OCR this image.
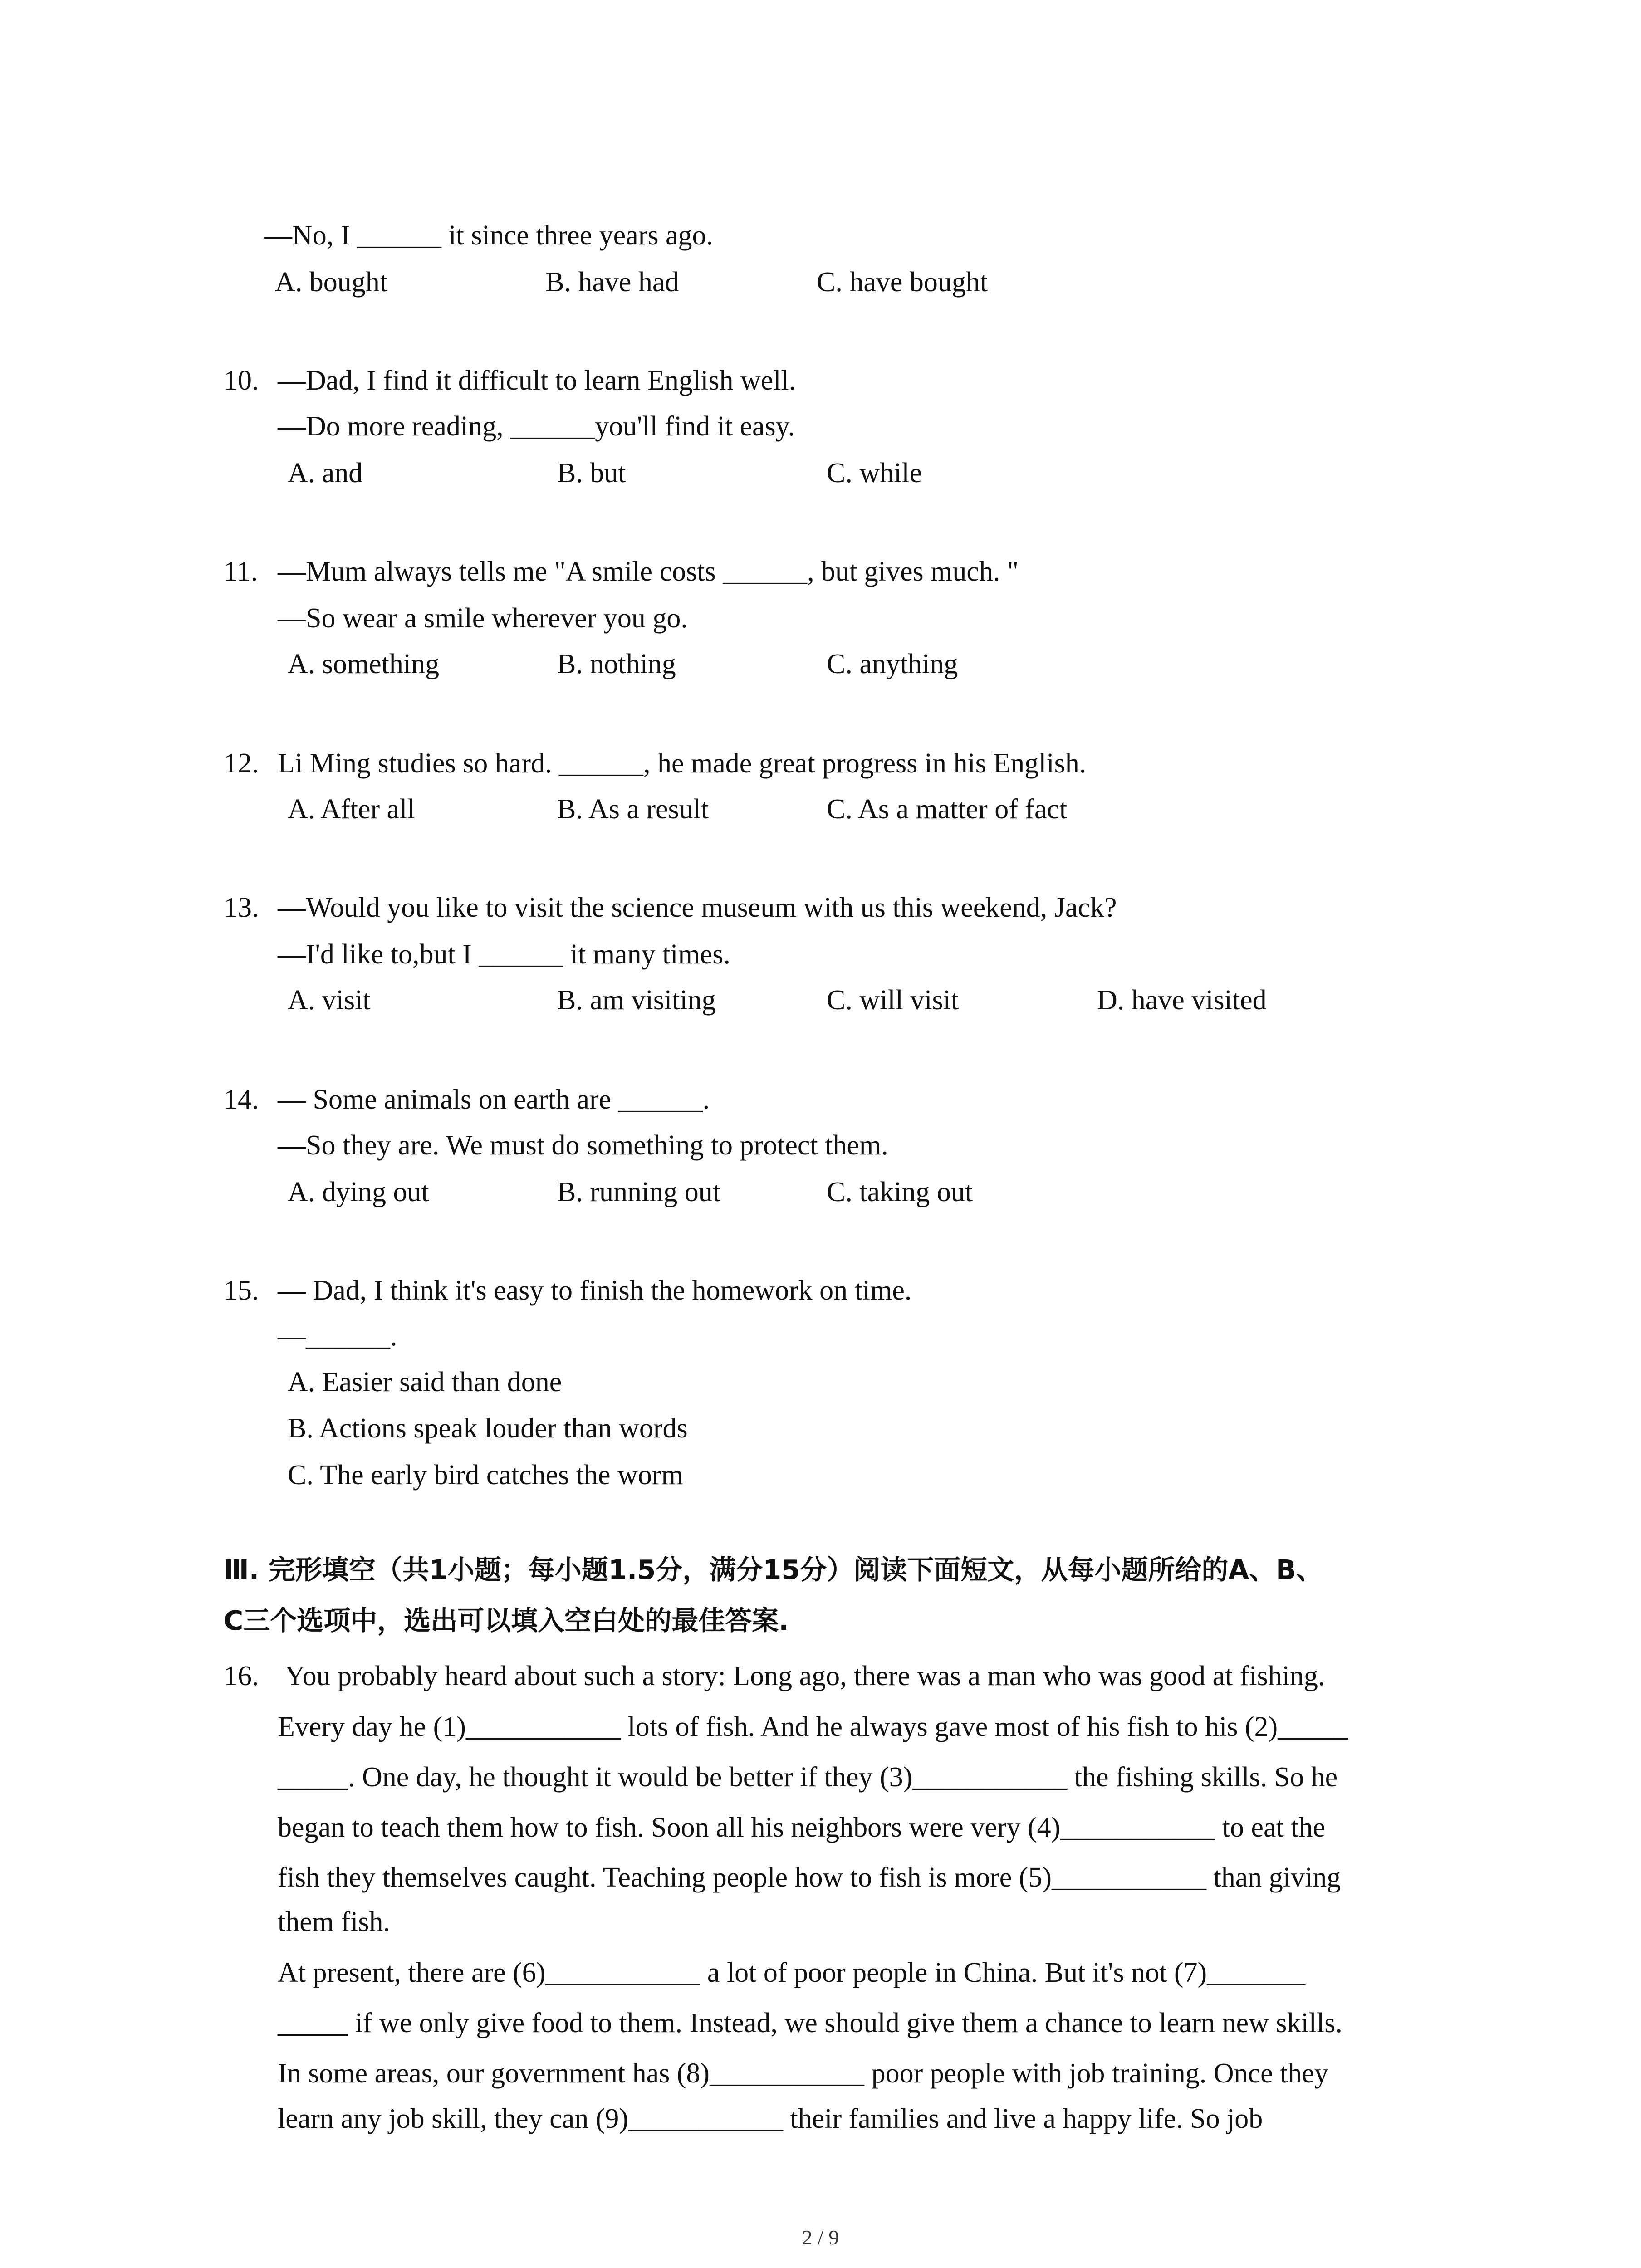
—No, I ______ it since three years ago.
A. bought	B. have had	C. have bought
10. —Dad, I find it difficult to learn English well.
—Do more reading, ______you'll find it easy.
A. and	B. but	C. while
11. —Mum always tells me "A smile costs ______, but gives much. "
—So wear a smile wherever you go.
A. something	B. nothing	C. anything
12. Li Ming studies so hard. ______, he made great progress in his English.
A. After all	B. As a result	C. As a matter of fact
13. —Would you like to visit the science museum with us this weekend, Jack?
—I'd like to,but I ______ it many times.
A. visit	B. am visiting	C. will visit	D. have visited
14. — Some animals on earth are ______.
—So they are. We must do something to protect them.
A. dying out	B. running out	C. taking out
15. — Dad, I think it's easy to finish the homework on time.
—______.
A. Easier said than done
B. Actions speak louder than words
C. The early bird catches the worm
Ⅲ. 完形填空（共1小题；每小题1.5分，满分15分）阅读下面短文，从每小题所给的A、B、
C三个选项中，选出可以填入空白处的最佳答案.
16. You probably heard about such a story: Long ago, there was a man who was good at fishing.
Every day he (1)___________ lots of fish. And he always gave most of his fish to his (2)_____
_____. One day, he thought it would be better if they (3)___________ the fishing skills. So he
began to teach them how to fish. Soon all his neighbors were very (4)___________ to eat the
fish they themselves caught. Teaching people how to fish is more (5)___________ than giving
them fish.
At present, there are (6)___________ a lot of poor people in China. But it's not (7)_______
_____ if we only give food to them. Instead, we should give them a chance to learn new skills.
In some areas, our government has (8)___________ poor people with job training. Once they
learn any job skill, they can (9)___________ their families and live a happy life. So job
2 / 9
